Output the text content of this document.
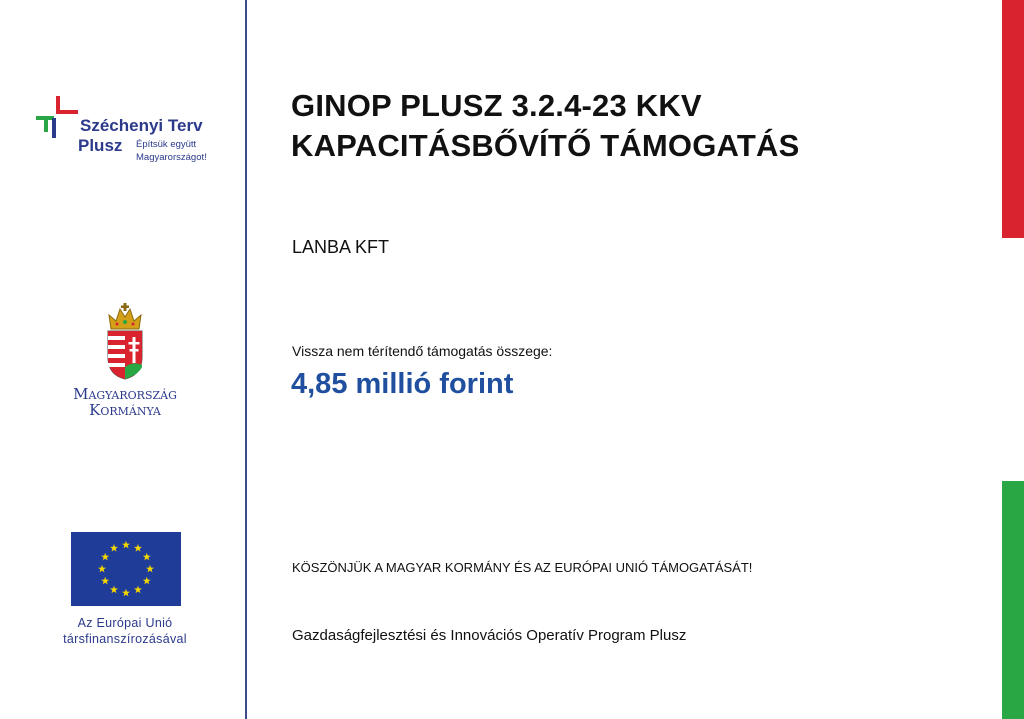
Széchenyi Terv
Plusz Építsük együtt
Magyarországot!
Magyarország
Kormánya
Az Európai Unió
társfinanszírozásával
GINOP PLUSZ 3.2.4-23 KKV
KAPACITÁSBŐVÍTŐ TÁMOGATÁS
LANBA KFT
Vissza nem térítendő támogatás összege:
4,85 millió forint
KÖSZÖNJÜK A MAGYAR KORMÁNY ÉS AZ EURÓPAI UNIÓ TÁMOGATÁSÁT!
Gazdaságfejlesztési és Innovációs Operatív Program Plusz
